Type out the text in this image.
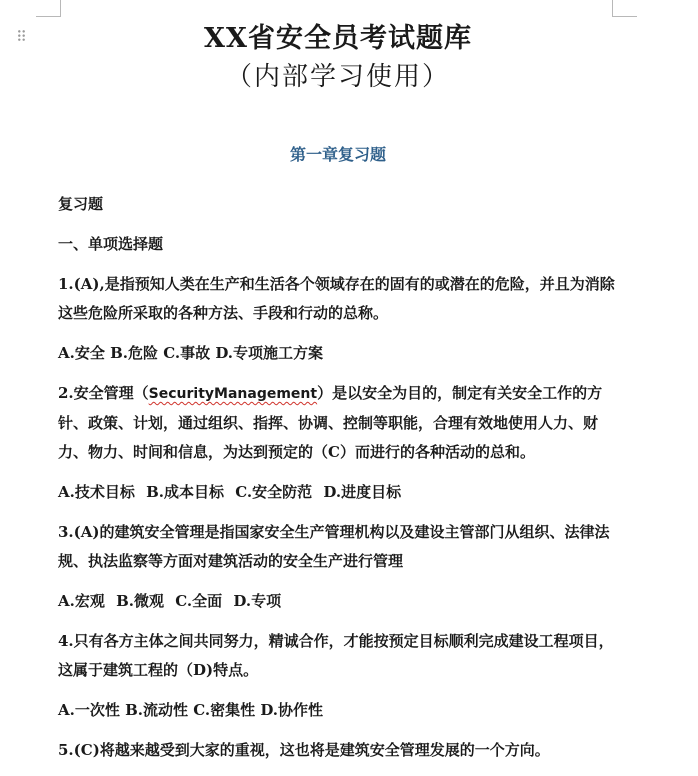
⠿	XX省安全员考试题库
（内部学习使用）
第一章复习题

复习题

一、单项选择题

1.(A),是指预知人类在生产和生活各个领域存在的固有的或潜在的危险，并且为消除这些危险所采取的各种方法、手段和行动的总称。

A.安全 B.危险 C.事故 D.专项施工方案

2.安全管理（SecurityManagement）是以安全为目的，制定有关安全工作的方针、政策、计划，通过组织、指挥、协调、控制等职能，合理有效地使用人力、财力、物力、时间和信息，为达到预定的（C）而进行的各种活动的总和。

A.技术目标 B.成本目标 C.安全防范 D.进度目标

3.(A)的建筑安全管理是指国家安全生产管理机构以及建设主管部门从组织、法律法规、执法监察等方面对建筑活动的安全生产进行管理

A.宏观 B.微观 C.全面 D.专项

4.只有各方主体之间共同努力，精诚合作，才能按预定目标顺利完成建设工程项目，这属于建筑工程的（D)特点。

A.一次性 B.流动性 C.密集性 D.协作性

5.(C)将越来越受到大家的重视，这也将是建筑安全管理发展的一个方向。
